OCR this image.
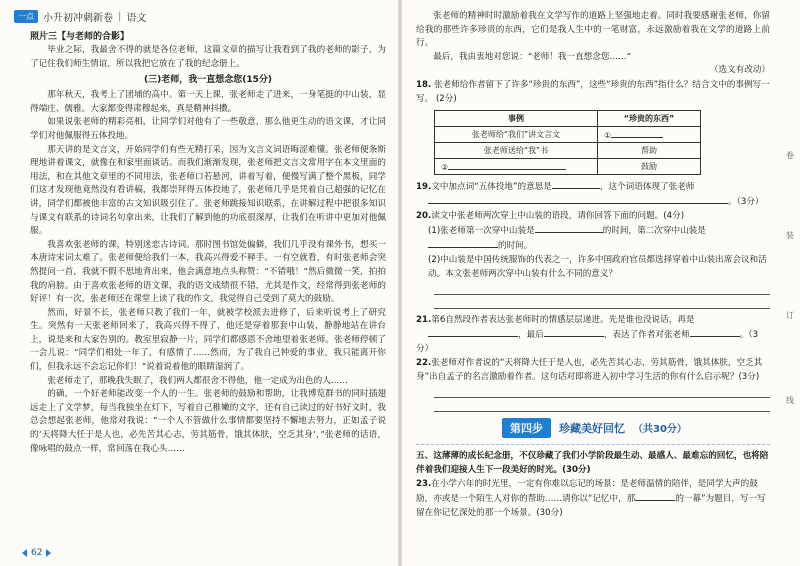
一点 小升初冲刺新卷 | 语文

照片三【与老师的合影】

毕业之际，我最舍不得的就是各位老师，这篇文章的描写让我看到了我的老师的影子，为了记住我们师生情谊，所以我把它放在了我的纪念册上。

(三)老师，我一直想念您(15分)

那年秋天，我考上了团埔的高中。第一天上课，张老师走了进来，一身笔挺的中山装，显得端庄、儒雅。大家都变得肃穆起来，真是精神抖擞。

如果说张老师的精彩亮相，让同学们对他有了一些敬意，那么他更生动的语文课，才让同学们对他佩服得五体投地。

那天讲的是文言文，开始同学们有些无精打采，因为文言文词语晦涩难懂。张老师便条斯理地讲着课文，就像在和家里面谈话。而我们渐渐发现，张老师把文言文常用字在本文里面的用法，和在其他文章里的不同用法，张老师口若悬河，讲着写着，便慢写满了整个黑板，同学们这才发现他竟然没有看讲稿，我都崇拜得五体投地了，张老师几乎是凭着自己超强的记忆在讲，同学们都被他丰富的古文知识吸引住了。张老师跳接知识联系，在讲解过程中把很多知识与课文有联系的诗词名句拿出来，让我们了解到他的功底很深厚，让我们在听讲中更加对他佩服。

我喜欢张老师的课，特别迷恋古诗词。那时图书馆处偏僻，我们几乎没有课外书，想买一本唐诗宋词太难了。张老师便给我们一本，我高兴得爱不释手。一有空就看，有时张老师会突然提问一首，我就不假不思地背出来，他会满意地点头称赞：“不错哦！”然后微微一笑，拍拍我的肩膀。由于喜欢张老师的语文课，我的语文成绩很不错，尤其是作文，经常得到张老师的好评！有一次，张老师还在课堂上读了我的作文，我觉得自己受到了莫大的鼓励。

然而，好景不长，张老师只教了我们一年，就被学校派去进修了，后来听说考上了研究生。突然有一天张老师回来了，我高兴得不得了，他还是穿着那套中山装，静静地站在讲台上，说是来和大家告别的。教室里寂静一片，同学们都感恩不舍地望着张老师。张老师停顿了一会儿说：“同学们相处一年了，有感情了……然而，为了我自己钟爱的事业，我只能离开你们，但我永远不会忘记你们！”说着说着他的眼睛湿润了。

张老师走了，那晚我失眠了，我们两人都很舍不得他，他一定成为出色的人……

的确，一个好老师能改变一个人的一生。张老师的鼓励和帮助，让我博览群书的同时插翅远走上了文学梦，每当我独坐在灯下，写着自己稚嫩的文字，还有自己读过的好书好文时，我总会想起张老师，他常对我说：“一个人不管做什么事情都要坚持不懈地去努力，正如孟子说的‘天将降大任于是人也，必先苦其心志，劳其筋骨，饿其体肤，空乏其身’，”张老师的话语，像咏唱的鼓点一样，常回荡在我心头……

62

张老师的精神时时激励着我在文学写作的道路上坚强地走着。同时我要感谢张老师，你留给我的那些许多珍贵的东西，它们是我人生中的一笔财富，永远激励着我在文学的道路上前行。

最后，我由衷地对您说：“老师！我一直想念您……”

（选文有改动）

18. 张老师给作者留下了许多“珍贵的东西”，这些“珍贵的东西”指什么？结合文中的事例写一写。 (2分)
事例	“珍贵的东西”
张老师给“我们”讲文言文	①
张老师送给“我”书	帮助
②	鼓励
19.文中加点词“五体投地”的意思是	，这个词语体现了张老师
。（3分）
20.读文中张老师两次穿上中山装的语段，请你回答下面的问题。(4分)
(1)张老师第一次穿中山装是	的时间，第二次穿中山装是
的时间。

(2)中山装是中国传统服饰的代表之一，许多中国政府官员都选择穿着中山装出席会议和活动。本文张老师两次穿中山装有什么不同的意义？
21.第6自然段作者表达张老师时的情感层层递进。先是谁也没说话，再是
，最后	，表达了作者对张老师	。（3分）
22.张老师对作者说的“天将降大任于是人也，必先苦其心志，劳其筋骨，饿其体肤，空乏其身”出自孟子的名言激励着作者。这句话对即将进入初中学习生活的你有什么启示呢？(3分)
第四步	珍藏美好回忆 （共30分）

五、这薄薄的成长纪念册，不仅珍藏了我们小学阶段最生动、最感人、最难忘的回忆，也将陪伴着我们迎接人生下一段美好的时光。(30分)

23.在小学六年的时光里，一定有你难以忘记的场景：是老师温情的陪伴，是同学大声的鼓励，亦或是一个陌生人对你的帮助……请你以“记忆中，那	的一幕”为题目，写一写留在你记忆深处的那一个场景。(30分)
卷
装
订
线
